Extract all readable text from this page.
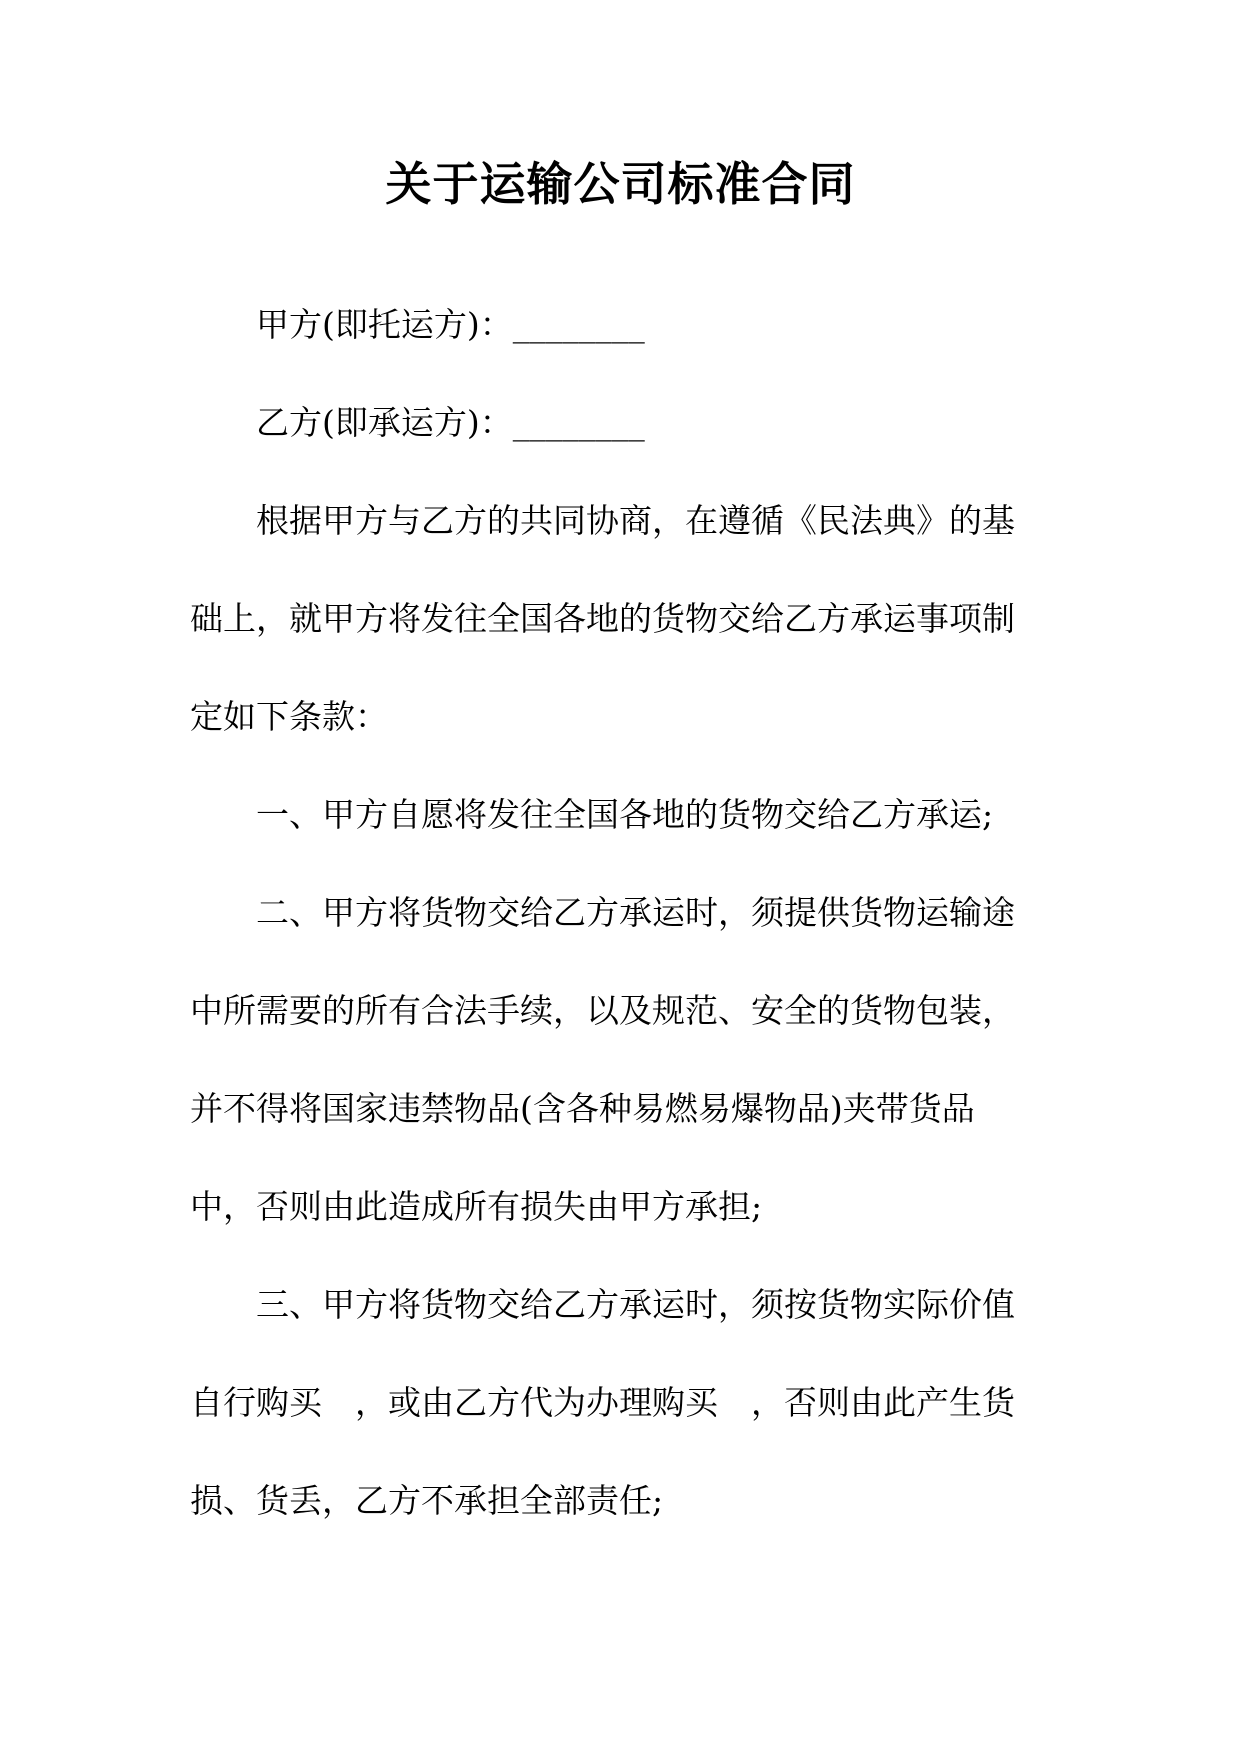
关于运输公司标准合同
甲方(即托运方)：________
乙方(即承运方)：________
根据甲方与乙方的共同协商，在遵循《民法典》的基
础上，就甲方将发往全国各地的货物交给乙方承运事项制
定如下条款：
一、甲方自愿将发往全国各地的货物交给乙方承运;
二、甲方将货物交给乙方承运时，须提供货物运输途
中所需要的所有合法手续，以及规范、安全的货物包装，
并不得将国家违禁物品(含各种易燃易爆物品)夹带货品
中，否则由此造成所有损失由甲方承担;
三、甲方将货物交给乙方承运时，须按货物实际价值
自行购买　，或由乙方代为办理购买　，否则由此产生货
损、货丢，乙方不承担全部责任;
